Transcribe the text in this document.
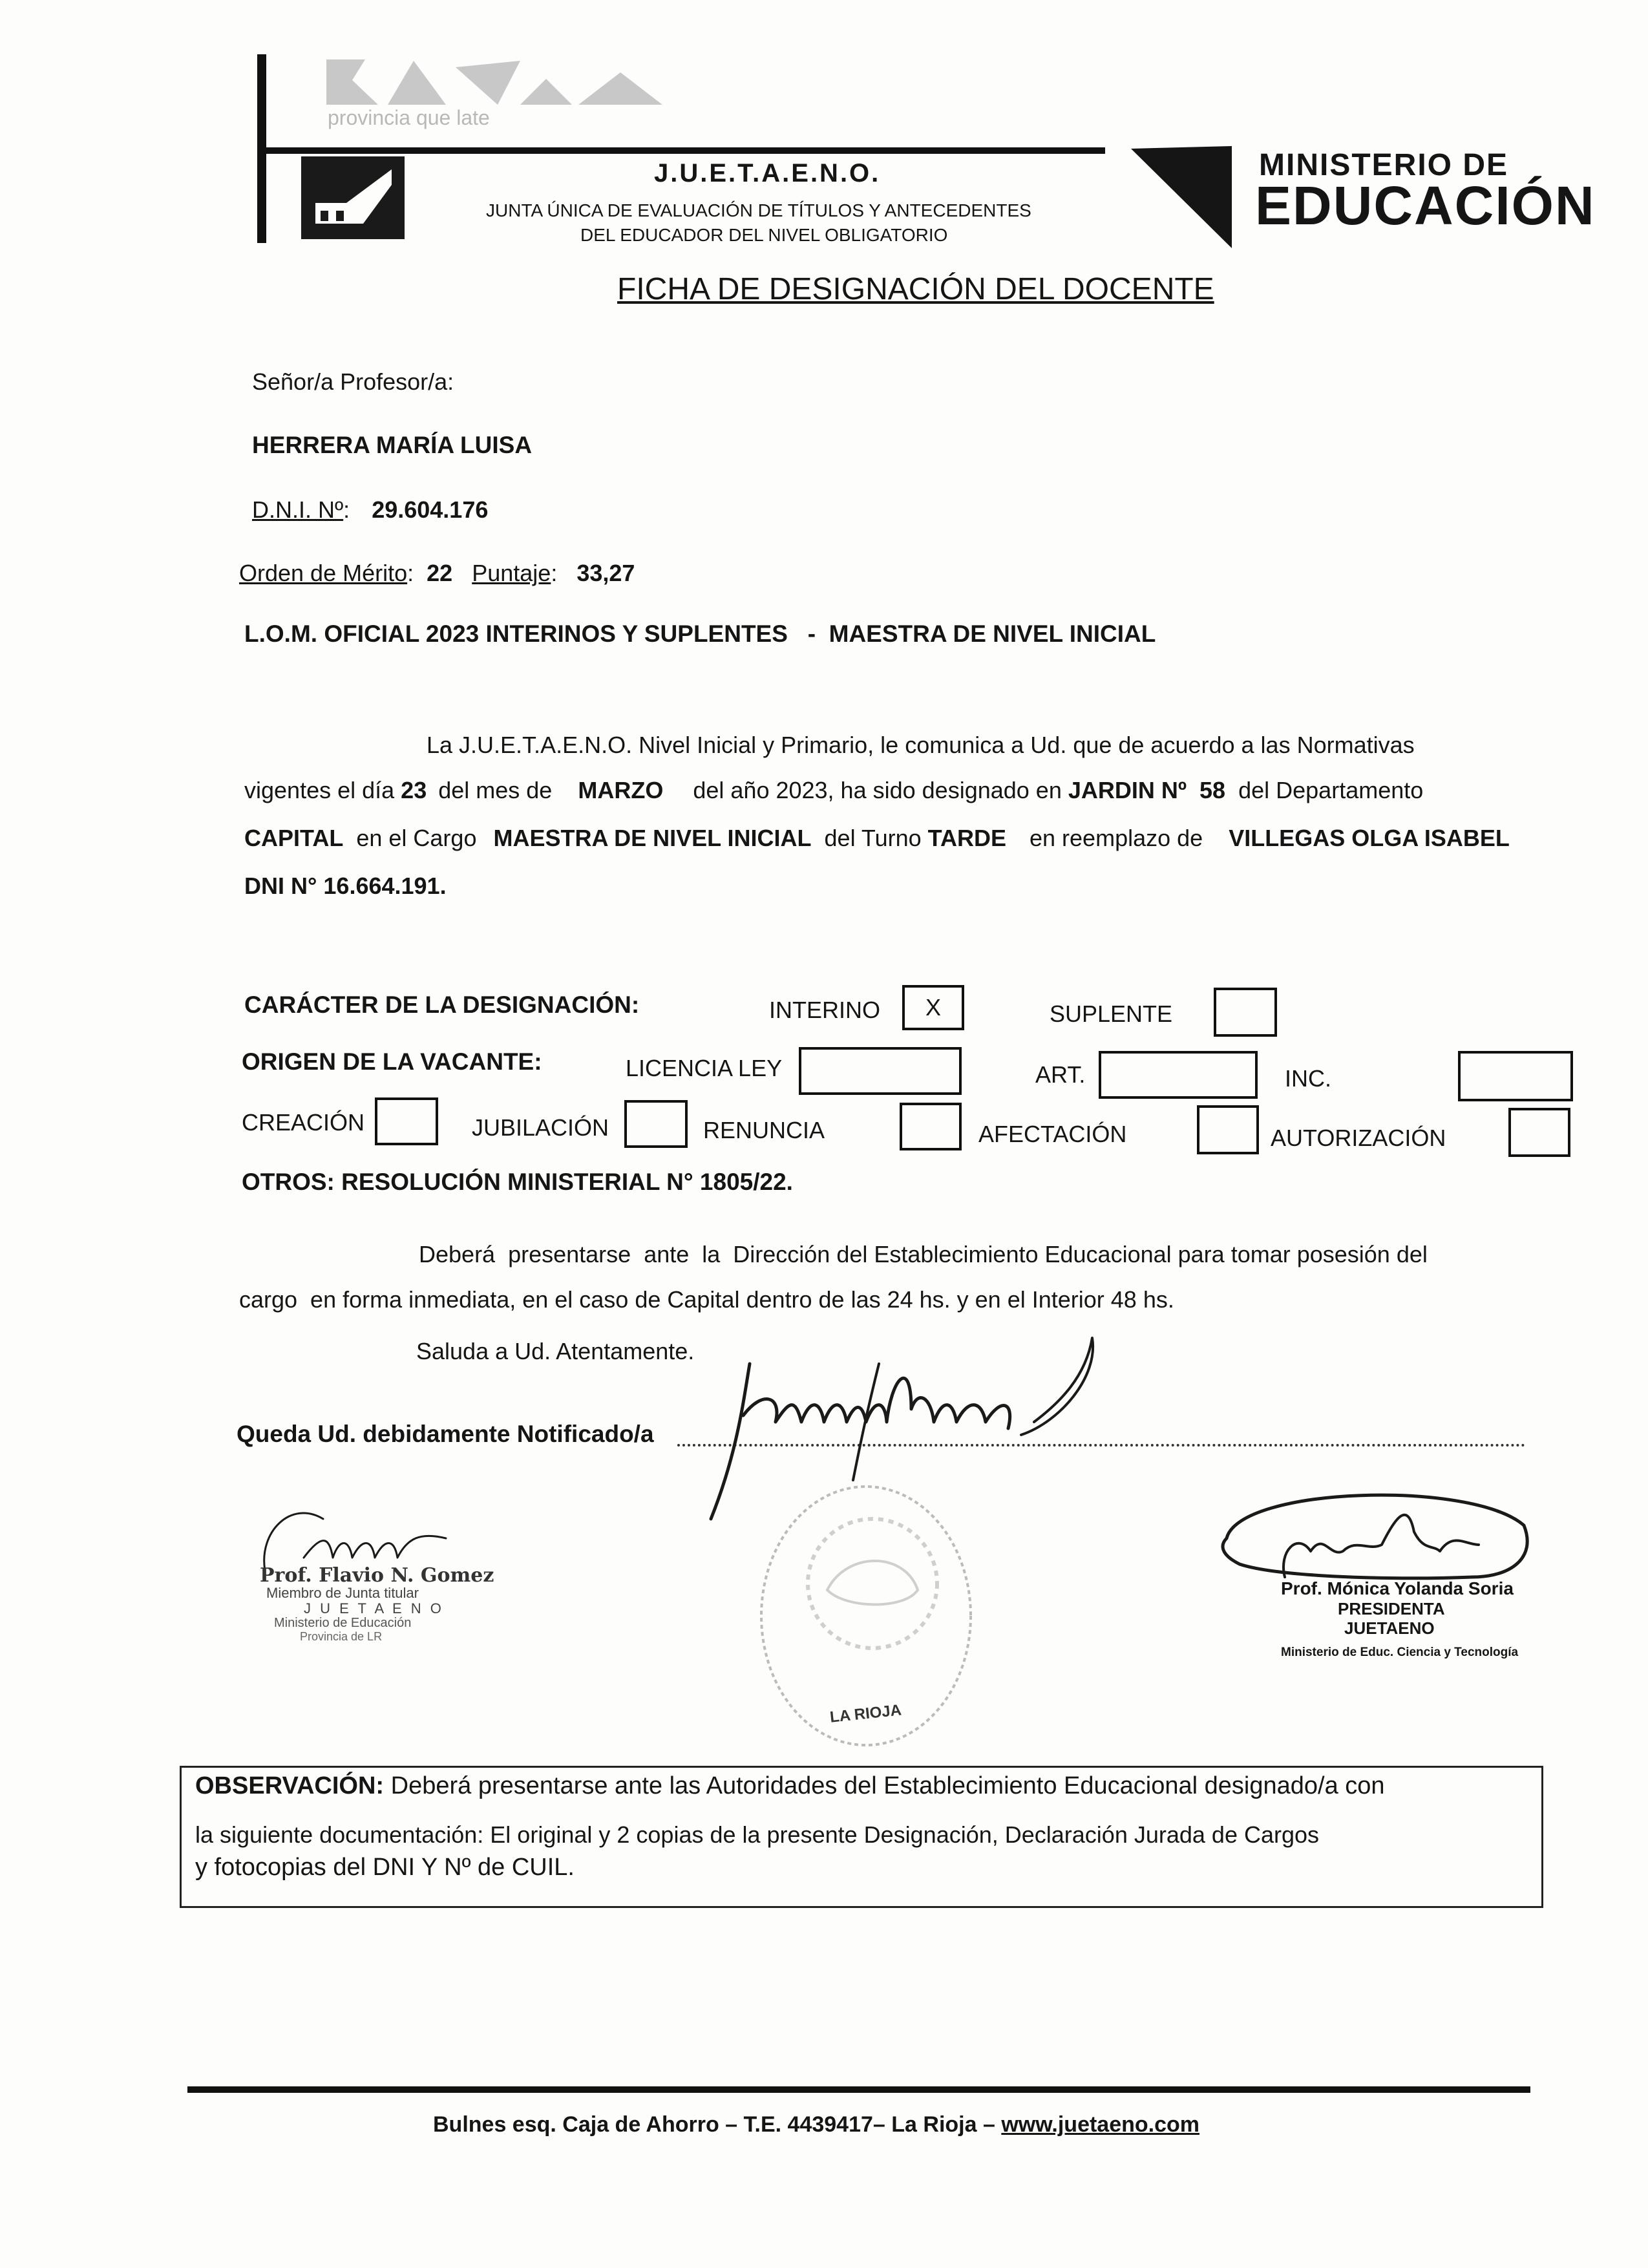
provincia que late
J.U.E.T.A.E.N.O.
JUNTA ÚNICA DE EVALUACIÓN DE TÍTULOS Y ANTECEDENTES
DEL EDUCADOR DEL NIVEL OBLIGATORIO
MINISTERIO DE
EDUCACIÓN
FICHA DE DESIGNACIÓN DEL DOCENTE
Señor/a Profesor/a:
HERRERA MARÍA LUISA
D.N.I. Nº: 29.604.176
Orden de Mérito: 22 Puntaje: 33,27
L.O.M. OFICIAL 2023 INTERINOS Y SUPLENTES   -  MAESTRA DE NIVEL INICIAL
La J.U.E.T.A.E.N.O. Nivel Inicial y Primario, le comunica a Ud. que de acuerdo a las Normativas
vigentes el día 23 del mes de MARZO del año 2023, ha sido designado en JARDIN Nº  58 del Departamento
CAPITAL en el Cargo MAESTRA DE NIVEL INICIAL del Turno TARDE en reemplazo de VILLEGAS OLGA ISABEL
DNI N° 16.664.191.
CARÁCTER DE LA DESIGNACIÓN:	INTERINO	X	SUPLENTE
ORIGEN DE LA VACANTE:	LICENCIA LEY	ART.	INC.
CREACIÓN	JUBILACIÓN	RENUNCIA	AFECTACIÓN	AUTORIZACIÓN
OTROS: RESOLUCIÓN MINISTERIAL N° 1805/22.
Deberá  presentarse  ante  la  Dirección del Establecimiento Educacional para tomar posesión del
cargo  en forma inmediata, en el caso de Capital dentro de las 24 hs. y en el Interior 48 hs.
Saluda a Ud. Atentamente.
Queda Ud. debidamente Notificado/a
Prof. Flavio N. Gomez
Miembro de Junta titular
J U E T A E N O
Ministerio de Educación
Provincia de LR
LA RIOJA
Prof. Mónica Yolanda Soria
PRESIDENTA
JUETAENO
Ministerio de Educ. Ciencia y Tecnología
OBSERVACIÓN: Deberá presentarse ante las Autoridades del Establecimiento Educacional designado/a con
la siguiente documentación: El original y 2 copias de la presente Designación, Declaración Jurada de Cargos
y fotocopias del DNI Y Nº de CUIL.
Bulnes esq. Caja de Ahorro – T.E. 4439417– La Rioja – www.juetaeno.com
